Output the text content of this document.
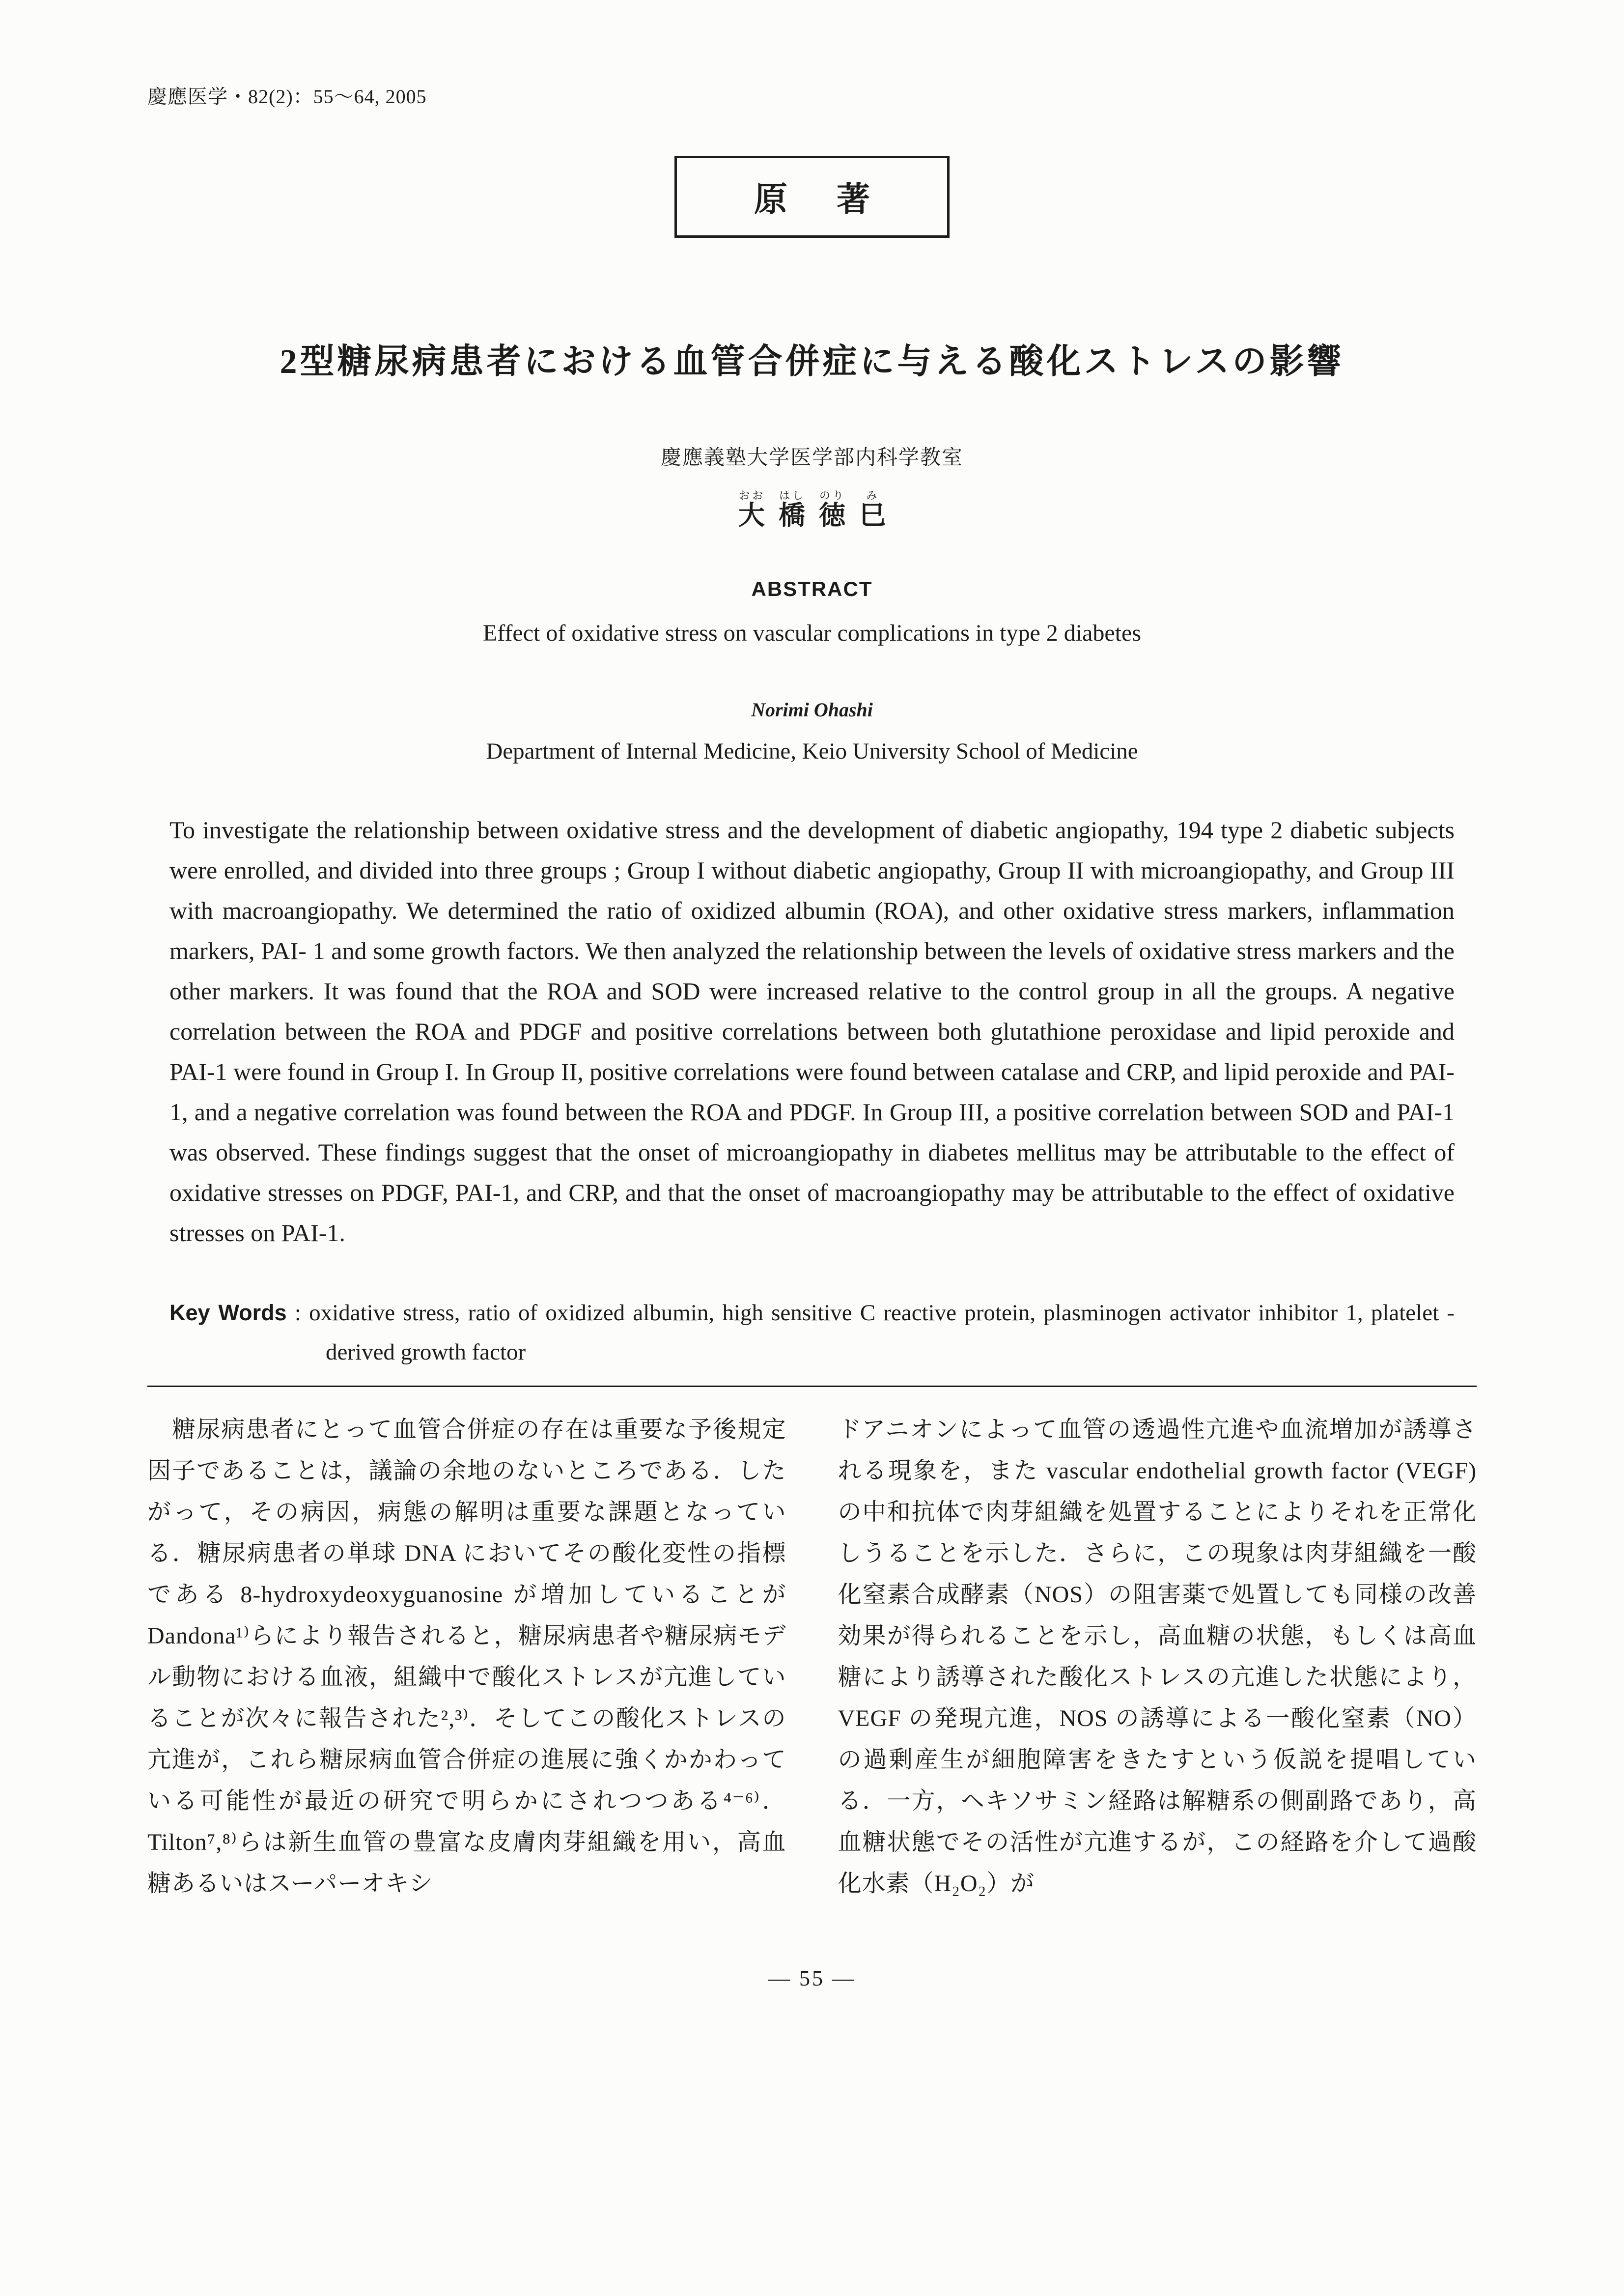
慶應医学・82(2)：55〜64, 2005
原　著
2型糖尿病患者における血管合併症に与える酸化ストレスの影響
慶應義塾大学医学部内科学教室
大おお 橋はし 徳のり 巳み
ABSTRACT
Effect of oxidative stress on vascular complications in type 2 diabetes
Norimi Ohashi
Department of Internal Medicine, Keio University School of Medicine

To investigate the relationship between oxidative stress and the development of diabetic angiopathy, 194 type 2 diabetic subjects were enrolled, and divided into three groups ; Group I without diabetic angiopathy, Group II with microangiopathy, and Group III with macroangiopathy. We determined the ratio of oxidized albumin (ROA), and other oxidative stress markers, inflammation markers, PAI- 1 and some growth factors. We then analyzed the relationship between the levels of oxidative stress markers and the other markers. It was found that the ROA and SOD were increased relative to the control group in all the groups. A negative correlation between the ROA and PDGF and positive correlations between both glutathione peroxidase and lipid peroxide and PAI-1 were found in Group I. In Group II, positive correlations were found between catalase and CRP, and lipid peroxide and PAI-1, and a negative correlation was found between the ROA and PDGF. In Group III, a positive correlation between SOD and PAI-1 was observed. These findings suggest that the onset of microangiopathy in diabetes mellitus may be attributable to the effect of oxidative stresses on PDGF, PAI-1, and CRP, and that the onset of macroangiopathy may be attributable to the effect of oxidative stresses on PAI-1.

Key Words : oxidative stress, ratio of oxidized albumin, high sensitive C reactive protein, plasminogen activator inhibitor 1, platelet -derived growth factor

　糖尿病患者にとって血管合併症の存在は重要な予後規定因子であることは，議論の余地のないところである．したがって，その病因，病態の解明は重要な課題となっている．糖尿病患者の単球 DNA においてその酸化変性の指標である 8-hydroxydeoxyguanosine が増加していることが Dandona¹⁾らにより報告されると，糖尿病患者や糖尿病モデル動物における血液，組織中で酸化ストレスが亢進していることが次々に報告された²,³⁾．そしてこの酸化ストレスの亢進が，これら糖尿病血管合併症の進展に強くかかわっている可能性が最近の研究で明らかにされつつある⁴⁻⁶⁾．Tilton⁷,⁸⁾らは新生血管の豊富な皮膚肉芽組織を用い，高血糖あるいはスーパーオキシ

ドアニオンによって血管の透過性亢進や血流増加が誘導される現象を，また vascular endothelial growth factor (VEGF) の中和抗体で肉芽組織を処置することによりそれを正常化しうることを示した．さらに，この現象は肉芽組織を一酸化窒素合成酵素（NOS）の阻害薬で処置しても同様の改善効果が得られることを示し，高血糖の状態，もしくは高血糖により誘導された酸化ストレスの亢進した状態により，VEGF の発現亢進，NOS の誘導による一酸化窒素（NO）の過剰産生が細胞障害をきたすという仮説を提唱している．一方，ヘキソサミン経路は解糖系の側副路であり，高血糖状態でその活性が亢進するが，この経路を介して過酸化水素（H₂O₂）が

— 55 —
